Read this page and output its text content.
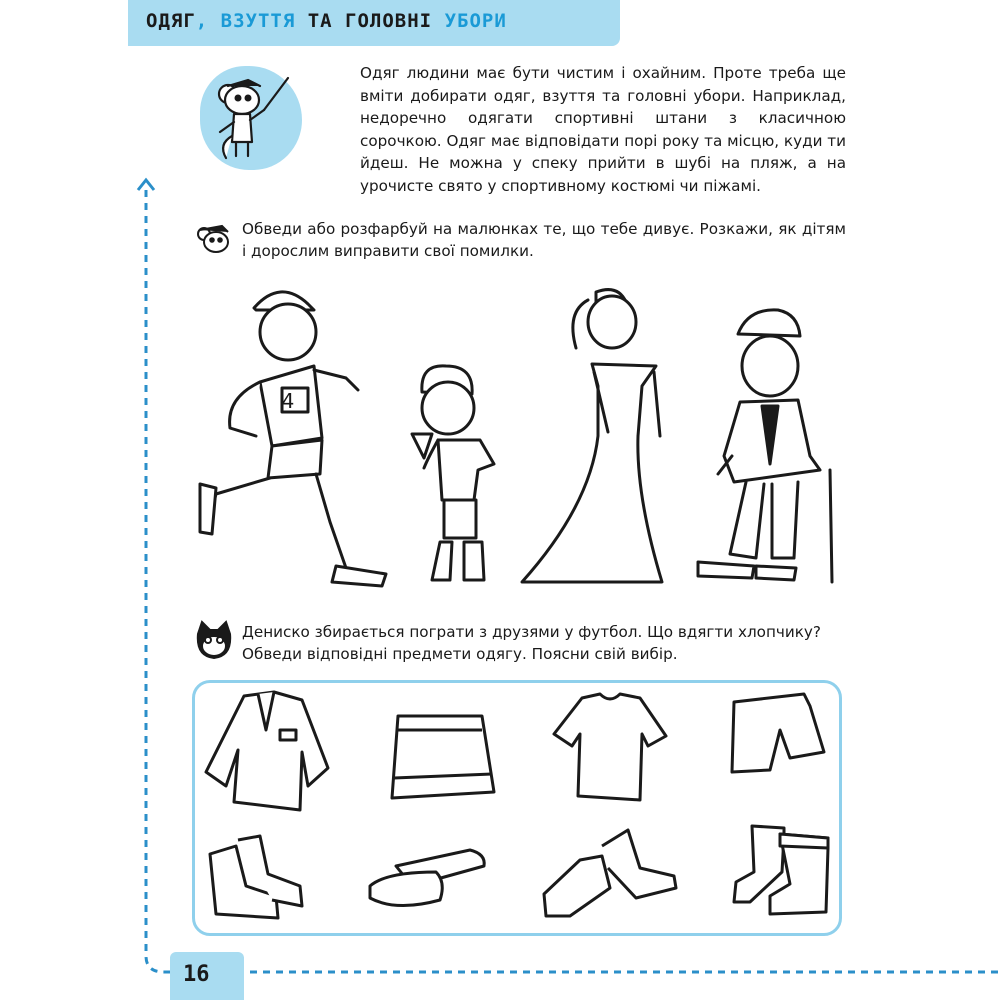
ОДЯГ, ВЗУТТЯ ТА ГОЛОВНІ УБОРИ

Одяг людини має бути чистим і охайним. Проте треба ще вміти добирати одяг, взуття та головні убори. Наприклад, недоречно одягати спортивні штани з класичною сорочкою. Одяг має відповідати порі року та місцю, куди ти йдеш. Не можна у спеку прийти в шубі на пляж, а на урочисте свято у спортивному костюмі чи піжамі.

Обведи або розфарбуй на малюнках те, що тебе дивує. Розкажи, як дітям і дорослим виправити свої помилки.

4

Дениско збирається пограти з друзями у футбол. Що вдягти хлопчику? Обведи відповідні предмети одягу. Поясни свій вибір.

16
